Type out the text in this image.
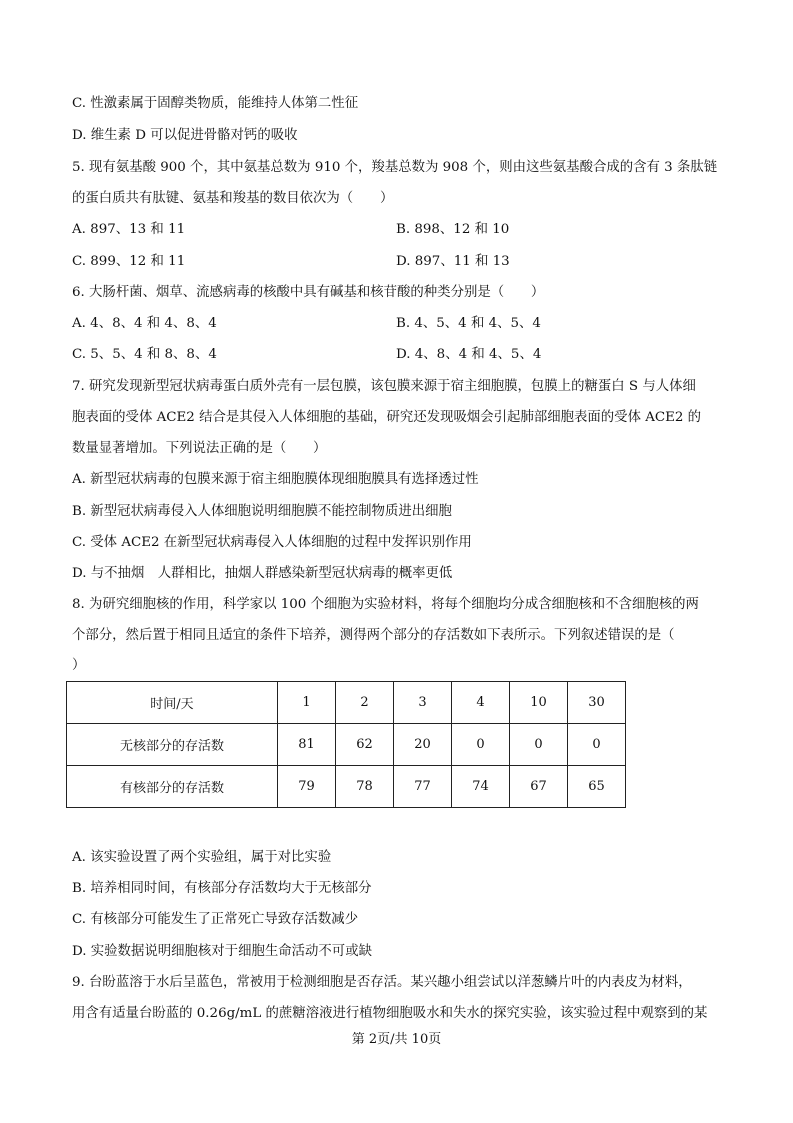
C. 性激素属于固醇类物质，能维持人体第二性征
D. 维生素 D 可以促进骨骼对钙的吸收
5. 现有氨基酸 900 个，其中氨基总数为 910 个，羧基总数为 908 个，则由这些氨基酸合成的含有 3 条肽链
的蛋白质共有肽键、氨基和羧基的数目依次为（　　）
A. 897、13 和 11	B. 898、12 和 10
C. 899、12 和 11	D. 897、11 和 13
6. 大肠杆菌、烟草、流感病毒的核酸中具有碱基和核苷酸的种类分别是（　　）
A. 4、8、4 和 4、8、4	B. 4、5、4 和 4、5、4
C. 5、5、4 和 8、8、4	D. 4、8、4 和 4、5、4
7. 研究发现新型冠状病毒蛋白质外壳有一层包膜，该包膜来源于宿主细胞膜，包膜上的糖蛋白 S 与人体细
胞表面的受体 ACE2 结合是其侵入人体细胞的基础，研究还发现吸烟会引起肺部细胞表面的受体 ACE2 的
数量显著增加。下列说法正确的是（　　）
A. 新型冠状病毒的包膜来源于宿主细胞膜体现细胞膜具有选择透过性
B. 新型冠状病毒侵入人体细胞说明细胞膜不能控制物质进出细胞
C. 受体 ACE2 在新型冠状病毒侵入人体细胞的过程中发挥识别作用
D. 与不抽烟　人群相比，抽烟人群感染新型冠状病毒的概率更低
8. 为研究细胞核的作用，科学家以 100 个细胞为实验材料，将每个细胞均分成含细胞核和不含细胞核的两
个部分，然后置于相同且适宜的条件下培养，测得两个部分的存活数如下表所示。下列叙述错误的是（
）
时间/天	1	2	3	4	10	30
无核部分的存活数	81	62	20	0	0	0
有核部分的存活数	79	78	77	74	67	65
A. 该实验设置了两个实验组，属于对比实验
B. 培养相同时间，有核部分存活数均大于无核部分
C. 有核部分可能发生了正常死亡导致存活数减少
D. 实验数据说明细胞核对于细胞生命活动不可或缺
9. 台盼蓝溶于水后呈蓝色，常被用于检测细胞是否存活。某兴趣小组尝试以洋葱鳞片叶的内表皮为材料，
用含有适量台盼蓝的 0.26g/mL 的蔗糖溶液进行植物细胞吸水和失水的探究实验，该实验过程中观察到的某
第 2页/共 10页
